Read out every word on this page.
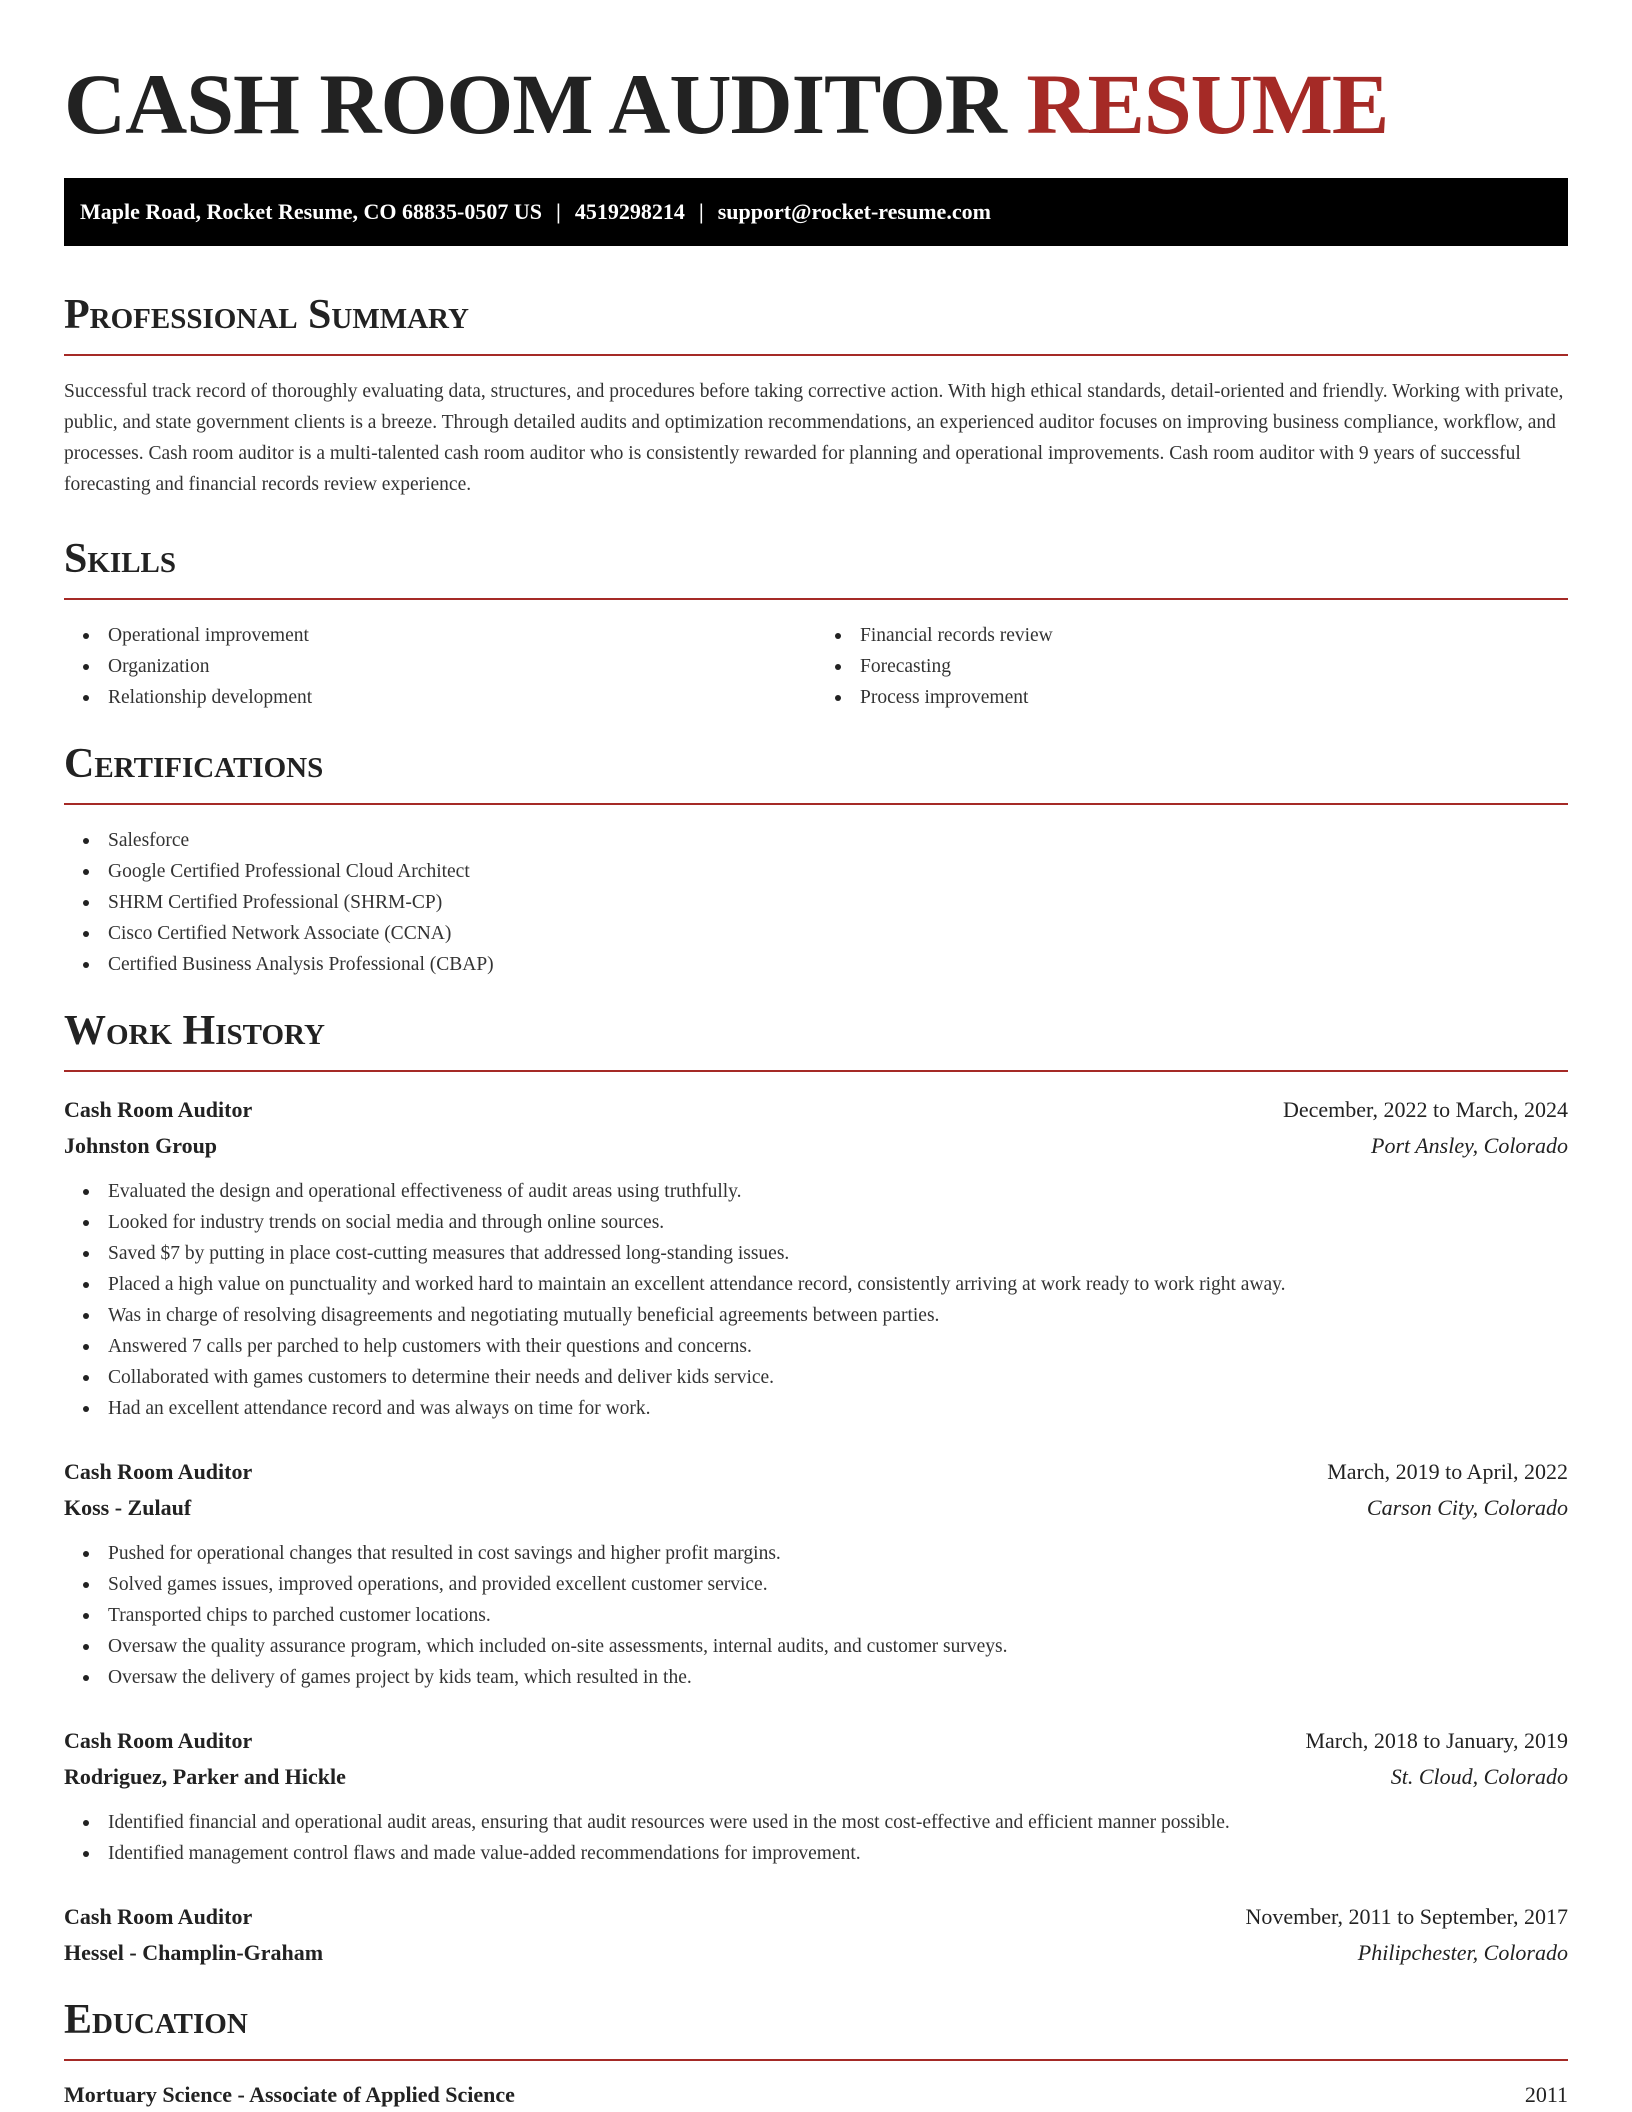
CASH ROOM AUDITOR RESUME
Maple Road, Rocket Resume, CO 68835-0507 US | 4519298214 | support@rocket-resume.com
Professional Summary

Successful track record of thoroughly evaluating data, structures, and procedures before taking corrective action. With high ethical standards, detail-oriented and friendly. Working with private, public, and state government clients is a breeze. Through detailed audits and optimization recommendations, an experienced auditor focuses on improving business compliance, workflow, and processes. Cash room auditor is a multi-talented cash room auditor who is consistently rewarded for planning and operational improvements. Cash room auditor with 9 years of successful forecasting and financial records review experience.

Skills
Operational improvement
Organization
Relationship development
Financial records review
Forecasting
Process improvement
Certifications
Salesforce
Google Certified Professional Cloud Architect
SHRM Certified Professional (SHRM-CP)
Cisco Certified Network Associate (CCNA)
Certified Business Analysis Professional (CBAP)
Work History
Cash Room Auditor	December, 2022 to March, 2024
Johnston Group	Port Ansley, Colorado
Evaluated the design and operational effectiveness of audit areas using truthfully.
Looked for industry trends on social media and through online sources.
Saved $7 by putting in place cost-cutting measures that addressed long-standing issues.
Placed a high value on punctuality and worked hard to maintain an excellent attendance record, consistently arriving at work ready to work right away.
Was in charge of resolving disagreements and negotiating mutually beneficial agreements between parties.
Answered 7 calls per parched to help customers with their questions and concerns.
Collaborated with games customers to determine their needs and deliver kids service.
Had an excellent attendance record and was always on time for work.
Cash Room Auditor	March, 2019 to April, 2022
Koss - Zulauf	Carson City, Colorado
Pushed for operational changes that resulted in cost savings and higher profit margins.
Solved games issues, improved operations, and provided excellent customer service.
Transported chips to parched customer locations.
Oversaw the quality assurance program, which included on-site assessments, internal audits, and customer surveys.
Oversaw the delivery of games project by kids team, which resulted in the.
Cash Room Auditor	March, 2018 to January, 2019
Rodriguez, Parker and Hickle	St. Cloud, Colorado
Identified financial and operational audit areas, ensuring that audit resources were used in the most cost-effective and efficient manner possible.
Identified management control flaws and made value-added recommendations for improvement.
Cash Room Auditor	November, 2011 to September, 2017
Hessel - Champlin-Graham	Philipchester, Colorado
Education
Mortuary Science - Associate of Applied Science	2011
